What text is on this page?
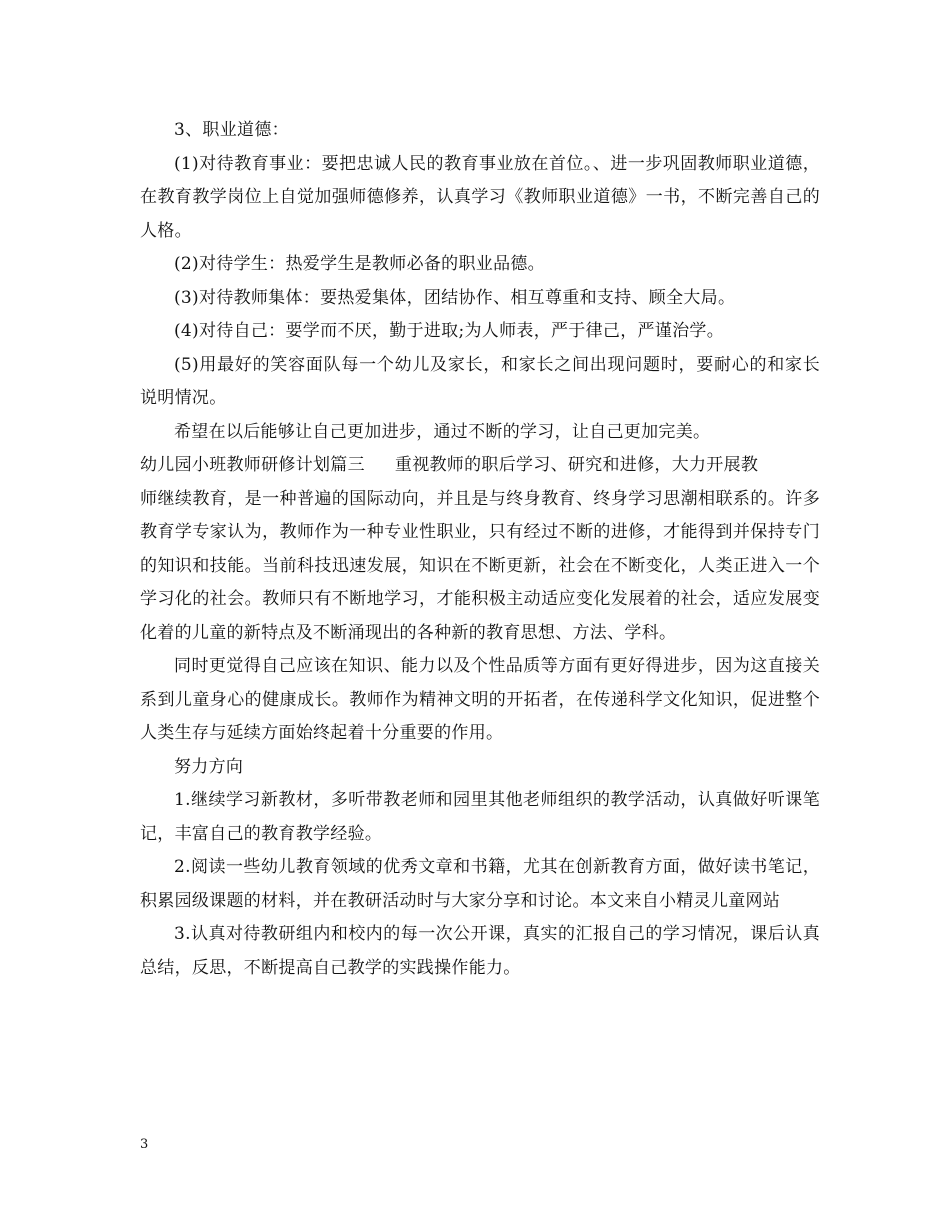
3、职业道德：

(1)对待教育事业：要把忠诚人民的教育事业放在首位。、进一步巩固教师职业道德，在教育教学岗位上自觉加强师德修养，认真学习《教师职业道德》一书，不断完善自己的人格。

(2)对待学生：热爱学生是教师必备的职业品德。

(3)对待教师集体：要热爱集体，团结协作、相互尊重和支持、顾全大局。

(4)对待自己：要学而不厌，勤于进取;为人师表，严于律己，严谨治学。

(5)用最好的笑容面队每一个幼儿及家长，和家长之间出现问题时，要耐心的和家长说明情况。

希望在以后能够让自己更加进步，通过不断的学习，让自己更加完美。

幼儿园小班教师研修计划篇三 重视教师的职后学习、研究和进修，大力开展教

师继续教育，是一种普遍的国际动向，并且是与终身教育、终身学习思潮相联系的。许多教育学专家认为，教师作为一种专业性职业，只有经过不断的进修，才能得到并保持专门的知识和技能。当前科技迅速发展，知识在不断更新，社会在不断变化，人类正进入一个学习化的社会。教师只有不断地学习，才能积极主动适应变化发展着的社会，适应发展变化着的儿童的新特点及不断涌现出的各种新的教育思想、方法、学科。

同时更觉得自己应该在知识、能力以及个性品质等方面有更好得进步，因为这直接关系到儿童身心的健康成长。教师作为精神文明的开拓者，在传递科学文化知识，促进整个人类生存与延续方面始终起着十分重要的作用。

努力方向

1.继续学习新教材，多听带教老师和园里其他老师组织的教学活动，认真做好听课笔记，丰富自己的教育教学经验。

2.阅读一些幼儿教育领域的优秀文章和书籍，尤其在创新教育方面，做好读书笔记，积累园级课题的材料，并在教研活动时与大家分享和讨论。本文来自小精灵儿童网站

3.认真对待教研组内和校内的每一次公开课，真实的汇报自己的学习情况，课后认真总结，反思，不断提高自己教学的实践操作能力。

3
